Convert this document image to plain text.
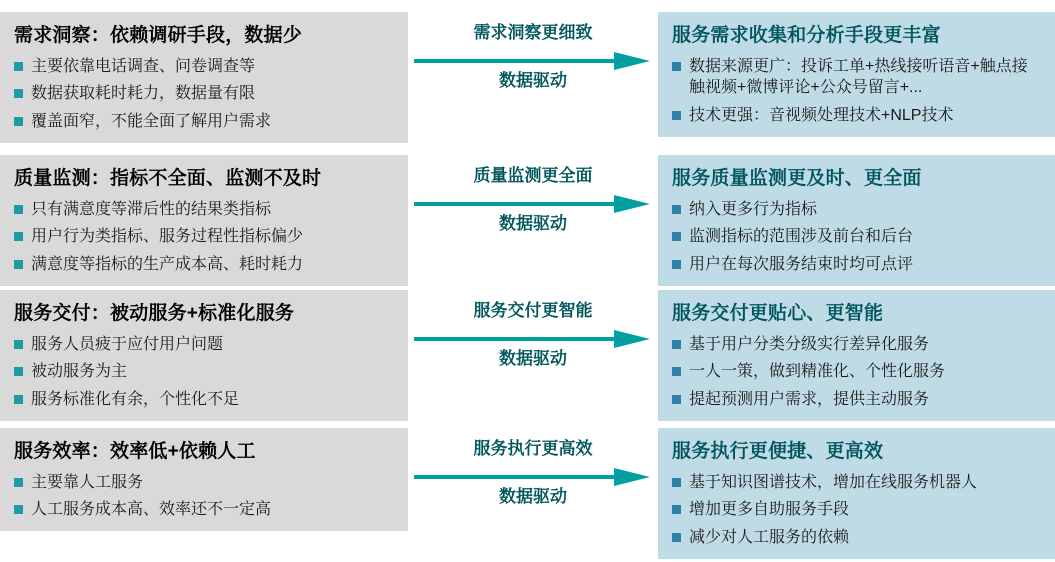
需求洞察：依赖调研手段，数据少
主要依靠电话调查、问卷调查等
数据获取耗时耗力，数据量有限
覆盖面窄，不能全面了解用户需求
需求洞察更细致
数据驱动
服务需求收集和分析手段更丰富
数据来源更广：投诉工单+热线接听语音+触点接触视频+微博评论+公众号留言+...
技术更强：音视频处理技术+NLP技术
质量监测：指标不全面、监测不及时
只有满意度等滞后性的结果类指标
用户行为类指标、服务过程性指标偏少
满意度等指标的生产成本高、耗时耗力
质量监测更全面
数据驱动
服务质量监测更及时、更全面
纳入更多行为指标
监测指标的范围涉及前台和后台
用户在每次服务结束时均可点评
服务交付：被动服务+标准化服务
服务人员疲于应付用户问题
被动服务为主
服务标准化有余，个性化不足
服务交付更智能
数据驱动
服务交付更贴心、更智能
基于用户分类分级实行差异化服务
一人一策，做到精准化、个性化服务
提起预测用户需求，提供主动服务
服务效率：效率低+依赖人工
主要靠人工服务
人工服务成本高、效率还不一定高
服务执行更高效
数据驱动
服务执行更便捷、更高效
基于知识图谱技术，增加在线服务机器人
增加更多自助服务手段
减少对人工服务的依赖
